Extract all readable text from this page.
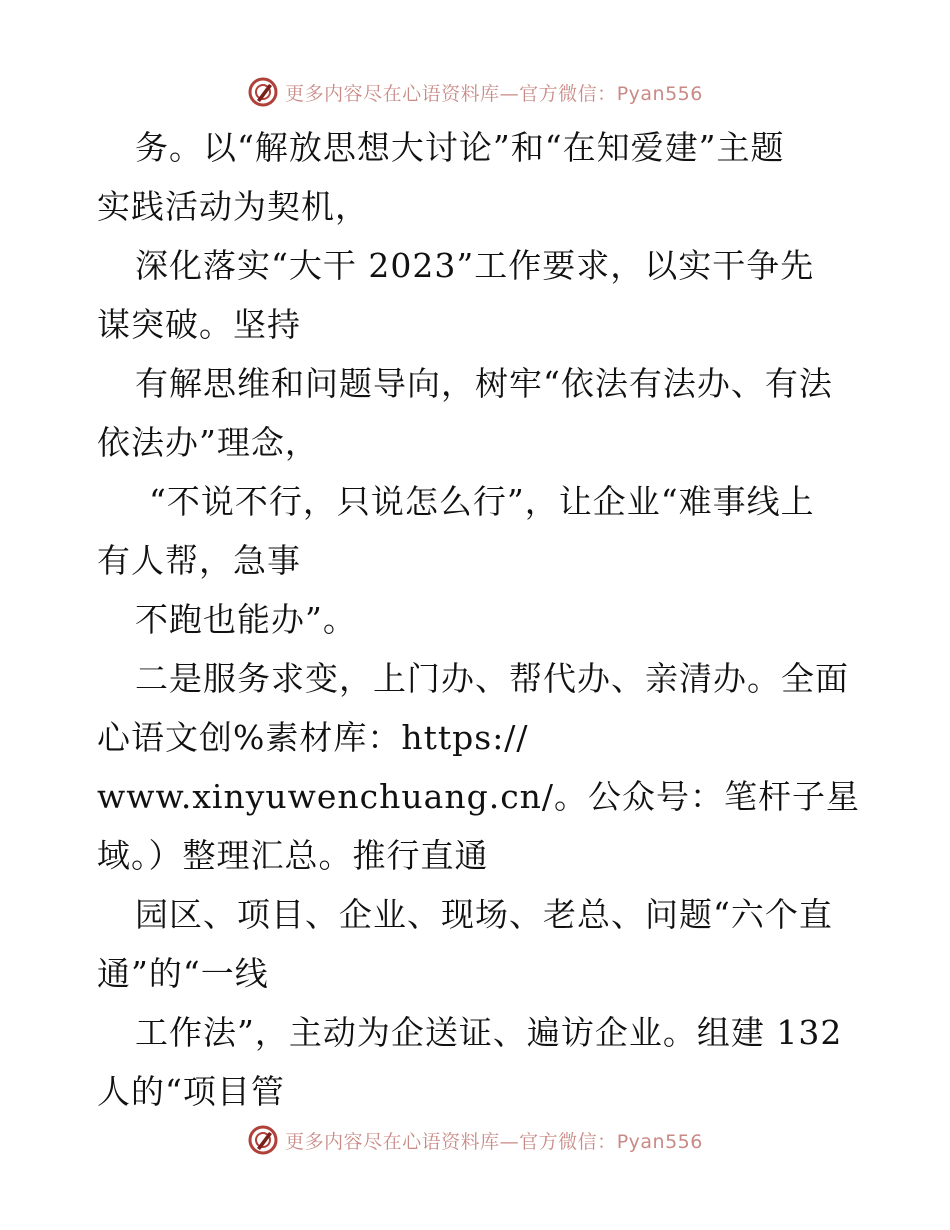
更多内容尽在心语资料库—官方微信：Pyan556
务。以“解放思想大讨论”和“在知爱建”主题
实践活动为契机，
深化落实“大干 2023”工作要求，以实干争先
谋突破。坚持
有解思维和问题导向，树牢“依法有法办、有法
依法办”理念，
“不说不行，只说怎么行”，让企业“难事线上
有人帮，急事
不跑也能办”。
二是服务求变，上门办、帮代办、亲清办。全面
心语文创%素材库：https://
www.xinyuwenchuang.cn/。公众号：笔杆子星
域。）整理汇总。推行直通
园区、项目、企业、现场、老总、问题“六个直
通”的“一线
工作法”，主动为企送证、遍访企业。组建 132
人的“项目管
更多内容尽在心语资料库—官方微信：Pyan556
